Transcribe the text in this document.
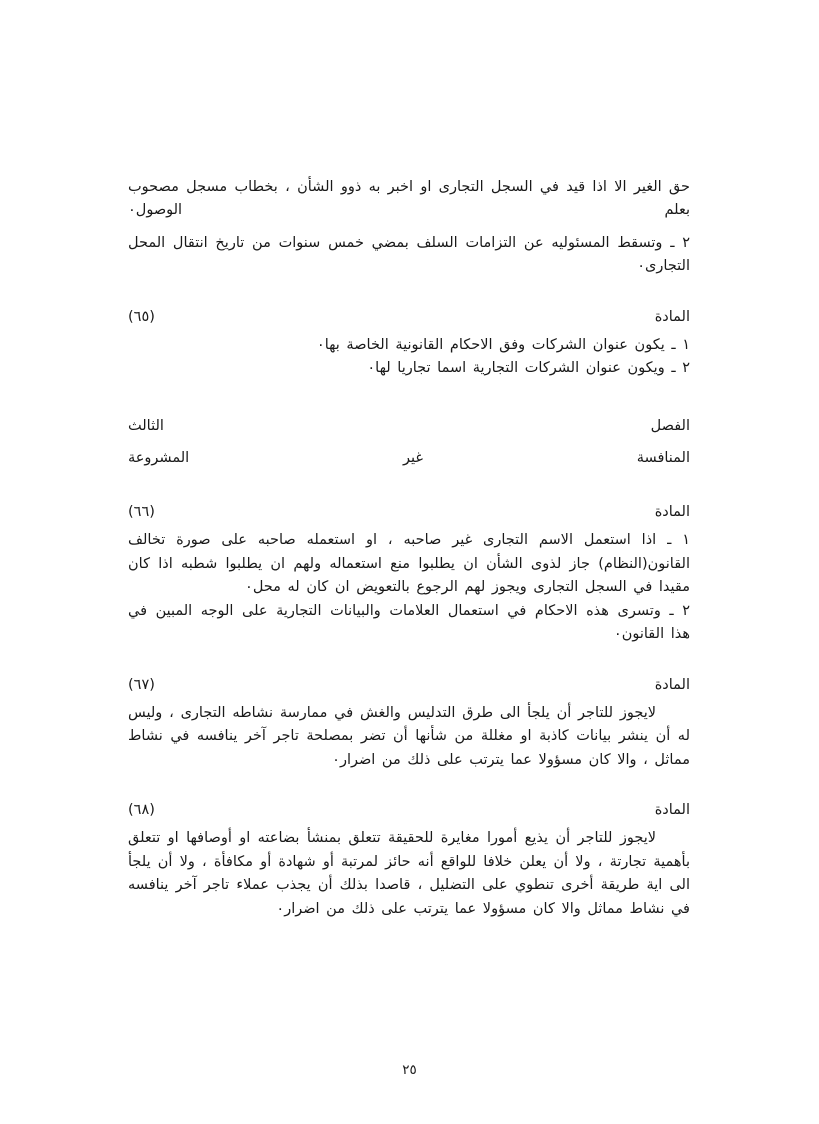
حق الغير الا اذا قيد في السجل التجارى او اخبر به ذوو الشأن ، بخطاب مسجل مصحوب بعلم الوصول٠

٢ ـ وتسقط المسئوليه عن التزامات السلف بمضي خمس سنوات من تاريخ انتقال المحل التجارى٠

المادة (٦٥)

١ ـ يكون عنوان الشركات وفق الاحكام القانونية الخاصة بها٠

٢ ـ ويكون عنوان الشركات التجارية اسما تجاريا لها٠

الفصل الثالث

المنافسة غير المشروعة

المادة (٦٦)

١ ـ اذا استعمل الاسم التجارى غير صاحبه ، او استعمله صاحبه على صورة تخالف القانون(النظام) جاز لذوى الشأن ان يطلبوا منع استعماله ولهم ان يطلبوا شطبه اذا كان مقيدا في السجل التجارى ويجوز لهم الرجوع بالتعويض ان كان له محل٠

٢ ـ وتسرى هذه الاحكام في استعمال العلامات والبيانات التجارية على الوجه المبين في هذا القانون٠

المادة (٦٧)

لايجوز للتاجر أن يلجأ الى طرق التدليس والغش في ممارسة نشاطه التجارى ، وليس له أن ينشر بيانات كاذبة او مغللة من شأنها أن تضر بمصلحة تاجر آخر ينافسه في نشاط مماثل ، والا كان مسؤولا عما يترتب على ذلك من اضرار٠

المادة (٦٨)

لايجوز للتاجر أن يذيع أمورا مغايرة للحقيقة تتعلق بمنشأ بضاعته او أوصافها او تتعلق بأهمية تجارتة ، ولا أن يعلن خلافا للواقع أنه حائز لمرتبة أو شهادة أو مكافأة ، ولا أن يلجأ الى اية طريقة أخرى تنطوي على التضليل ، قاصدا بذلك أن يجذب عملاء تاجر آخر ينافسه في نشاط مماثل والا كان مسؤولا عما يترتب على ذلك من اضرار٠

٢٥
